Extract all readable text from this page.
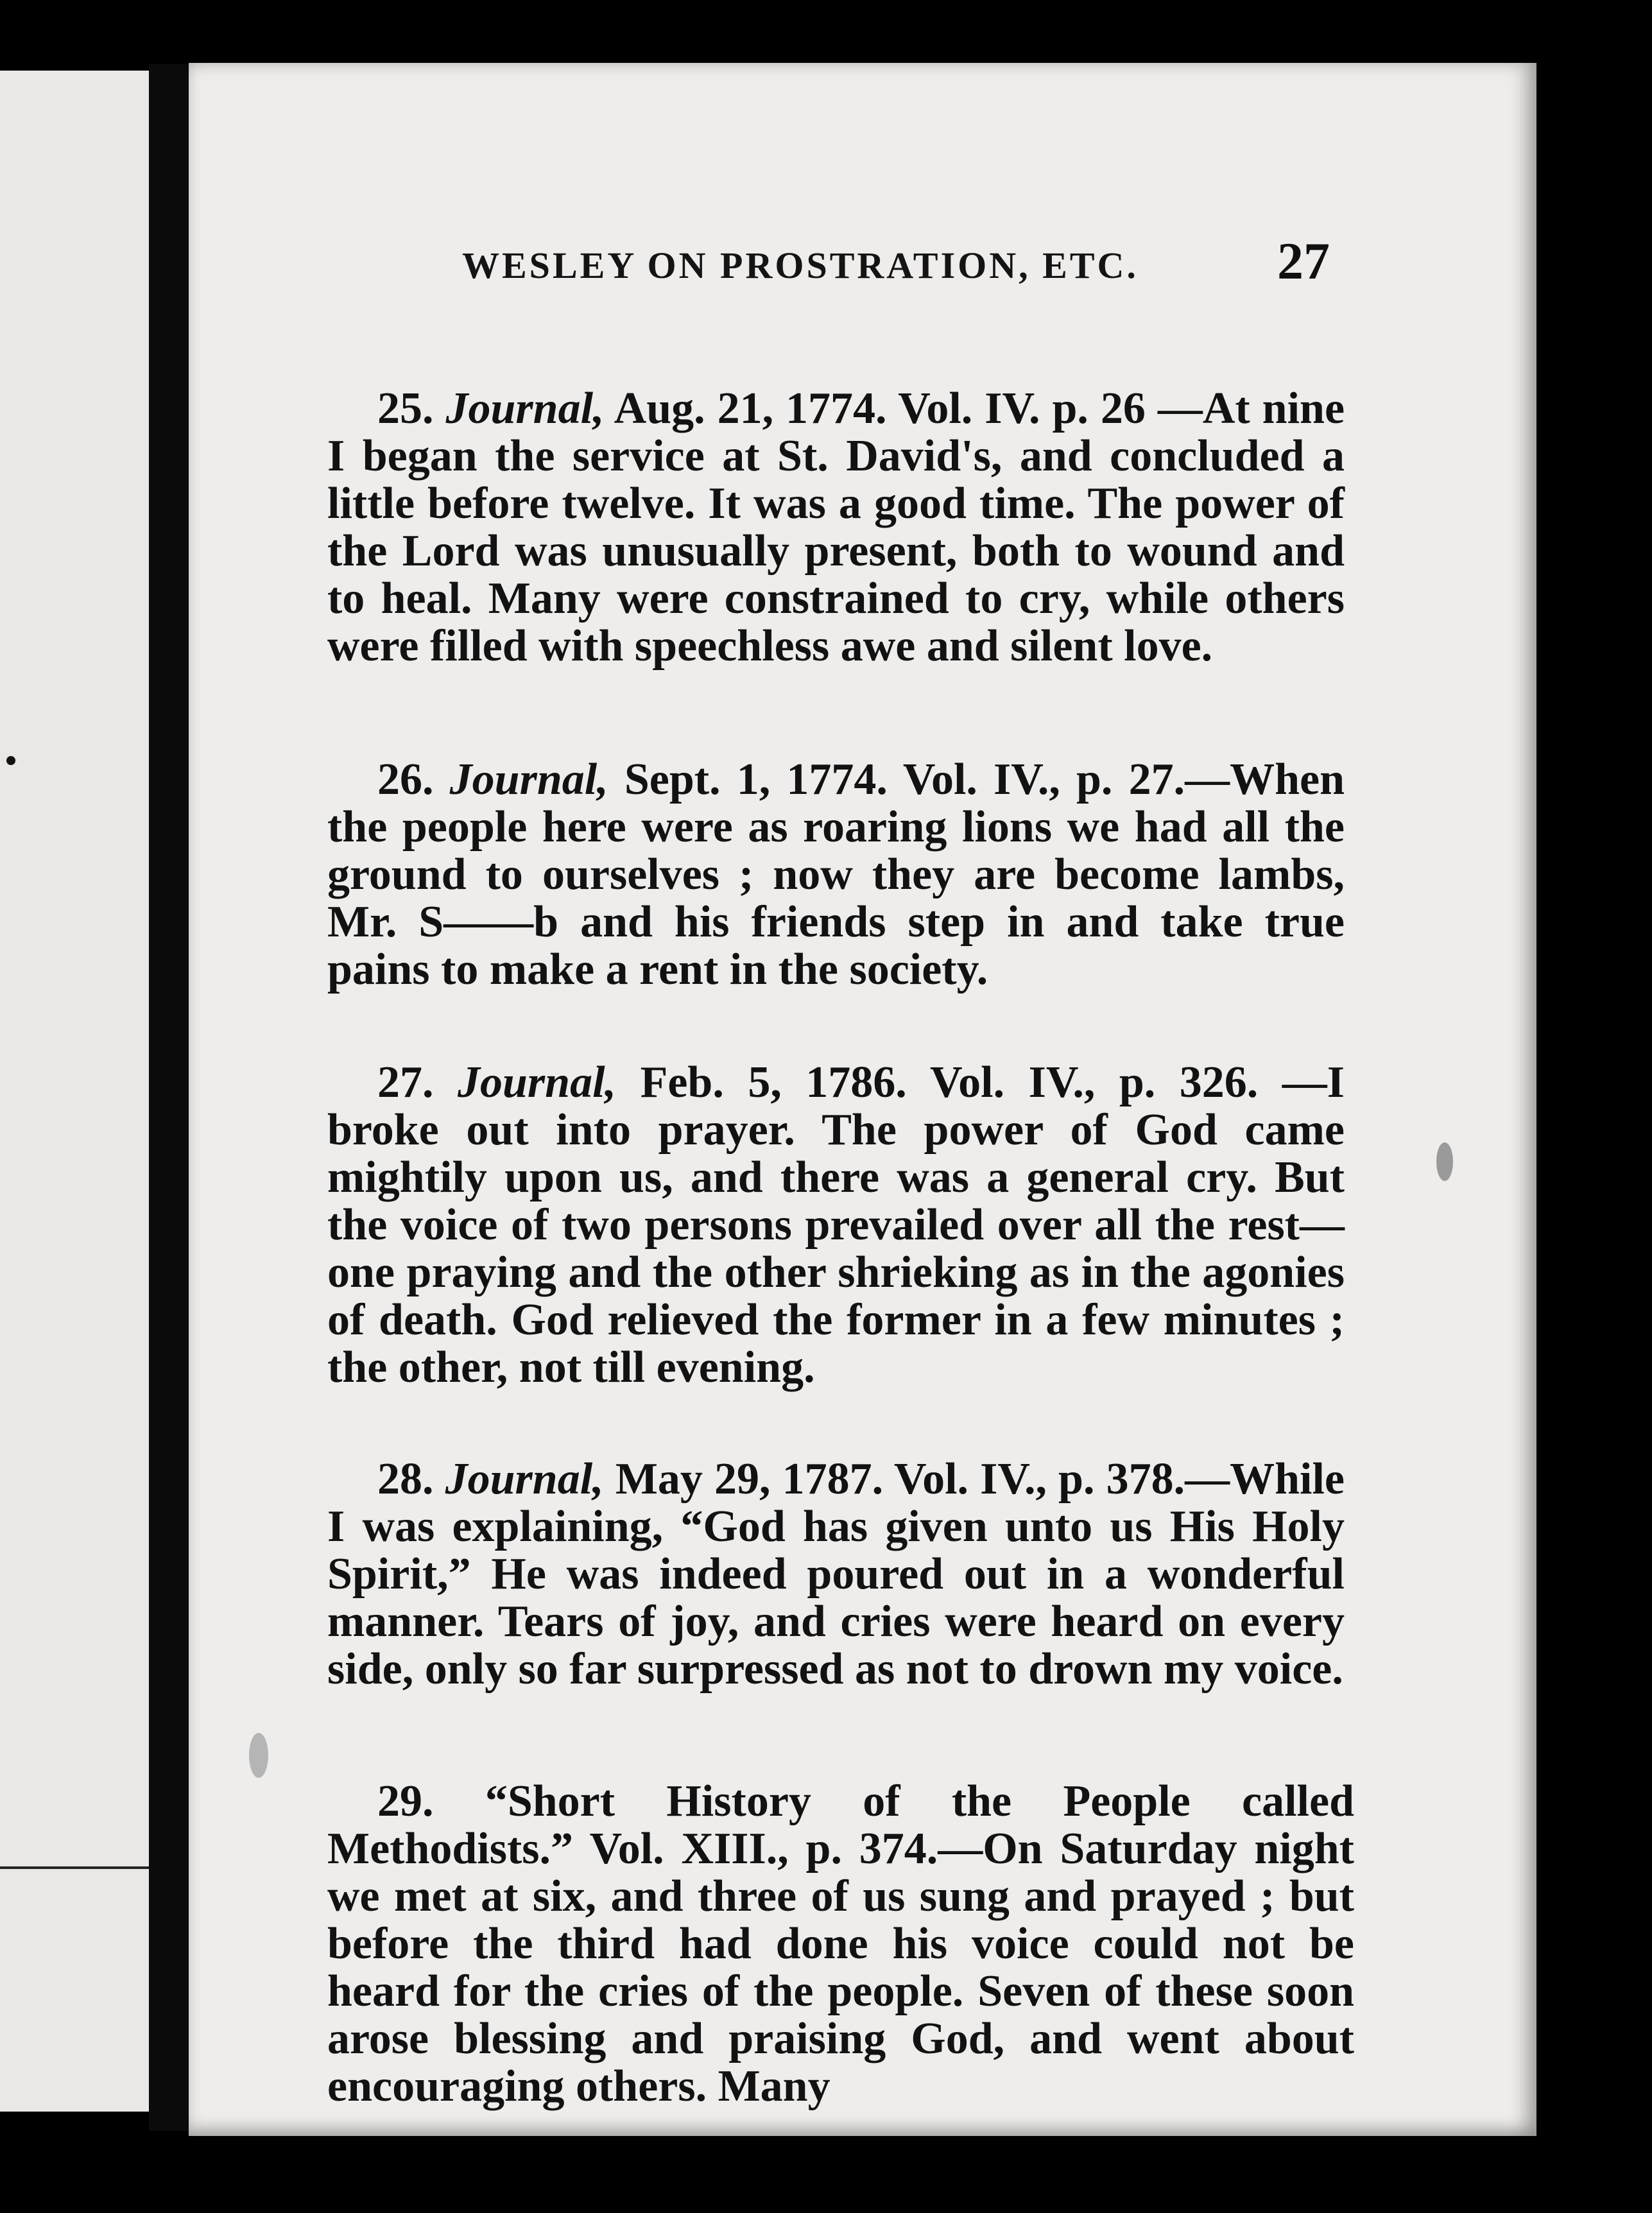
WESLEY ON PROSTRATION, ETC.	27

25. Journal, Aug. 21, 1774. Vol. IV. p. 26 —At nine I began the service at St. David's, and concluded a little before twelve. It was a good time. The power of the Lord was unusually present, both to wound and to heal. Many were constrained to cry, while others were filled with speechless awe and silent love.

26. Journal, Sept. 1, 1774. Vol. IV., p. 27.—When the people here were as roaring lions we had all the ground to ourselves ; now they are become lambs, Mr. S——b and his friends step in and take true pains to make a rent in the society.

27. Journal, Feb. 5, 1786. Vol. IV., p. 326. —I broke out into prayer. The power of God came mightily upon us, and there was a general cry. But the voice of two persons prevailed over all the rest—one praying and the other shrieking as in the agonies of death. God relieved the former in a few minutes ; the other, not till evening.

28. Journal, May 29, 1787. Vol. IV., p. 378.—While I was explaining, “God has given unto us His Holy Spirit,” He was indeed poured out in a wonderful manner. Tears of joy, and cries were heard on every side, only so far surpressed as not to drown my voice.

29. “Short History of the People called Methodists.” Vol. XIII., p. 374.—On Saturday night we met at six, and three of us sung and prayed ; but before the third had done his voice could not be heard for the cries of the people. Seven of these soon arose blessing and praising God, and went about encouraging others. Many
